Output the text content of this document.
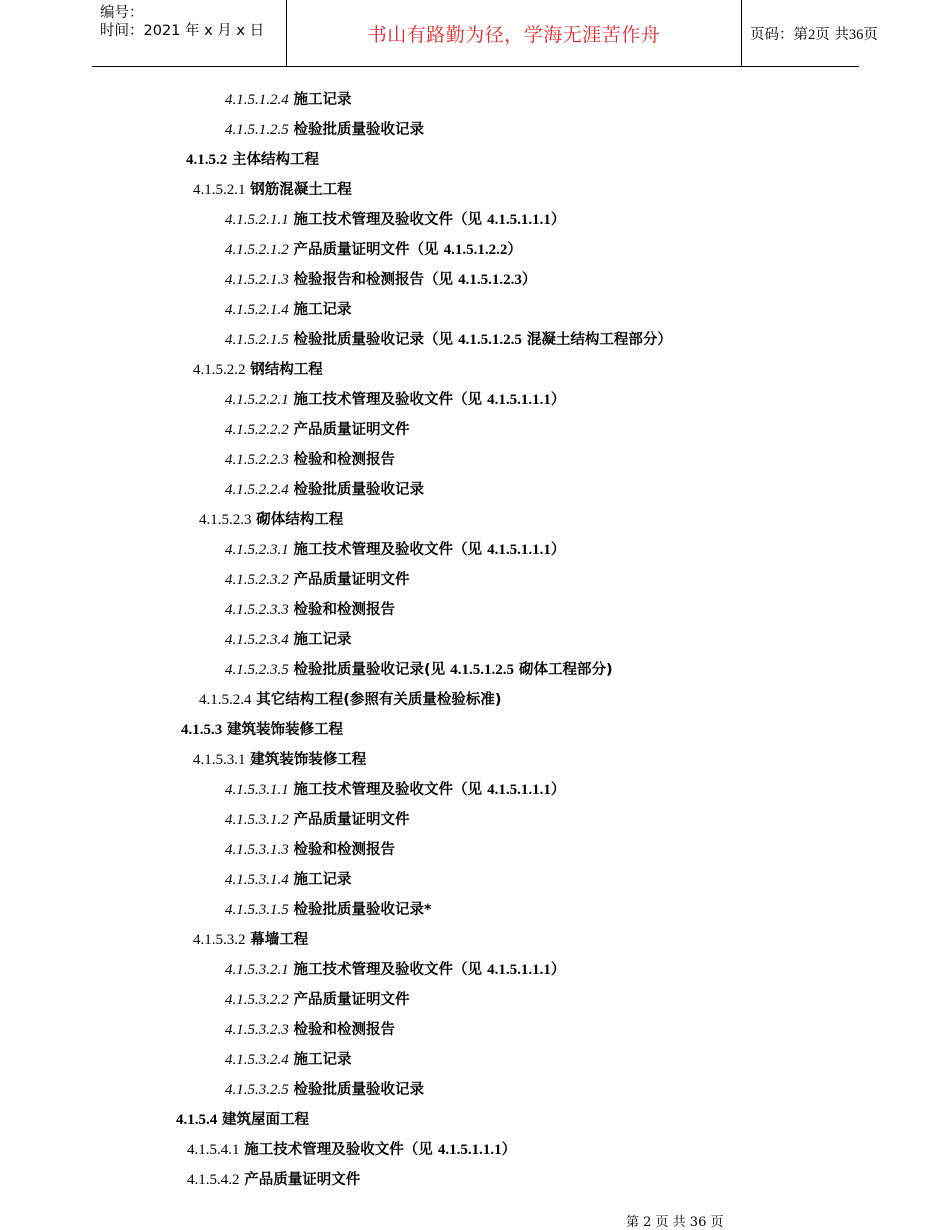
编号：
时间：2021 年 x 月 x 日	书山有路勤为径，学海无涯苦作舟	页码：第2页 共36页
4.1.5.1.2.4 施工记录
4.1.5.1.2.5 检验批质量验收记录
4.1.5.2 主体结构工程
4.1.5.2.1 钢筋混凝土工程
4.1.5.2.1.1 施工技术管理及验收文件（见 4.1.5.1.1.1）
4.1.5.2.1.2 产品质量证明文件（见 4.1.5.1.2.2）
4.1.5.2.1.3 检验报告和检测报告（见 4.1.5.1.2.3）
4.1.5.2.1.4 施工记录
4.1.5.2.1.5 检验批质量验收记录（见 4.1.5.1.2.5 混凝土结构工程部分）
4.1.5.2.2 钢结构工程
4.1.5.2.2.1 施工技术管理及验收文件（见 4.1.5.1.1.1）
4.1.5.2.2.2 产品质量证明文件
4.1.5.2.2.3 检验和检测报告
4.1.5.2.2.4 检验批质量验收记录
4.1.5.2.3 砌体结构工程
4.1.5.2.3.1 施工技术管理及验收文件（见 4.1.5.1.1.1）
4.1.5.2.3.2 产品质量证明文件
4.1.5.2.3.3 检验和检测报告
4.1.5.2.3.4 施工记录
4.1.5.2.3.5 检验批质量验收记录(见 4.1.5.1.2.5 砌体工程部分)
4.1.5.2.4 其它结构工程(参照有关质量检验标准)
4.1.5.3 建筑装饰装修工程
4.1.5.3.1 建筑装饰装修工程
4.1.5.3.1.1 施工技术管理及验收文件（见 4.1.5.1.1.1）
4.1.5.3.1.2 产品质量证明文件
4.1.5.3.1.3 检验和检测报告
4.1.5.3.1.4 施工记录
4.1.5.3.1.5 检验批质量验收记录*
4.1.5.3.2 幕墙工程
4.1.5.3.2.1 施工技术管理及验收文件（见 4.1.5.1.1.1）
4.1.5.3.2.2 产品质量证明文件
4.1.5.3.2.3 检验和检测报告
4.1.5.3.2.4 施工记录
4.1.5.3.2.5 检验批质量验收记录
4.1.5.4 建筑屋面工程
4.1.5.4.1 施工技术管理及验收文件（见 4.1.5.1.1.1）
4.1.5.4.2 产品质量证明文件
第 2 页 共 36 页
